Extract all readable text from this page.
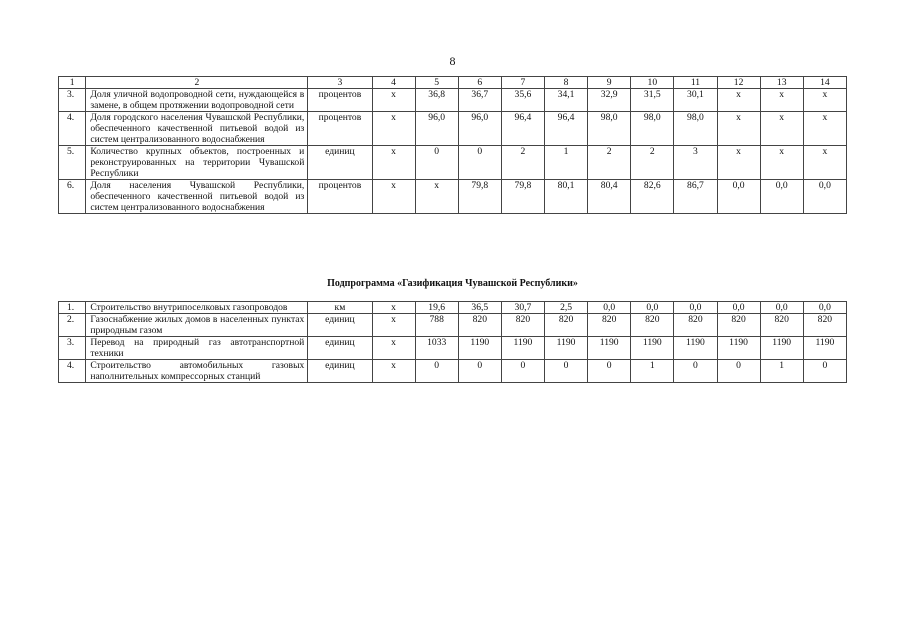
8
1	2	3	4	5	6	7	8	9	10	11	12	13	14
3.	Доля уличной водопроводной сети, нуждающейся в замене, в общем протяжении водопроводной сети	процентов	х	36,8	36,7	35,6	34,1	32,9	31,5	30,1	х	х	х
4.	Доля городского населения Чувашской Республики, обеспеченного качественной питьевой водой из систем централизованного водоснабжения	процентов	х	96,0	96,0	96,4	96,4	98,0	98,0	98,0	х	х	х
5.	Количество крупных объектов, построенных и реконструированных на территории Чувашской Республики	единиц	х	0	0	2	1	2	2	3	х	х	х
6.	Доля населения Чувашской Республики, обеспеченного качественной питьевой водой из систем централизованного водоснабжения	процентов	х	х	79,8	79,8	80,1	80,4	82,6	86,7	0,0	0,0	0,0
Подпрограмма «Газификация Чувашской Республики»
1.	Строительство внутрипоселковых газопроводов	км	х	19,6	36,5	30,7	2,5	0,0	0,0	0,0	0,0	0,0	0,0
2.	Газоснабжение жилых домов в населенных пунктах природным газом	единиц	х	788	820	820	820	820	820	820	820	820	820
3.	Перевод на природный газ автотранспортной техники	единиц	х	1033	1190	1190	1190	1190	1190	1190	1190	1190	1190
4.	Строительство автомобильных газовых наполнительных компрессорных станций	единиц	х	0	0	0	0	0	1	0	0	1	0
